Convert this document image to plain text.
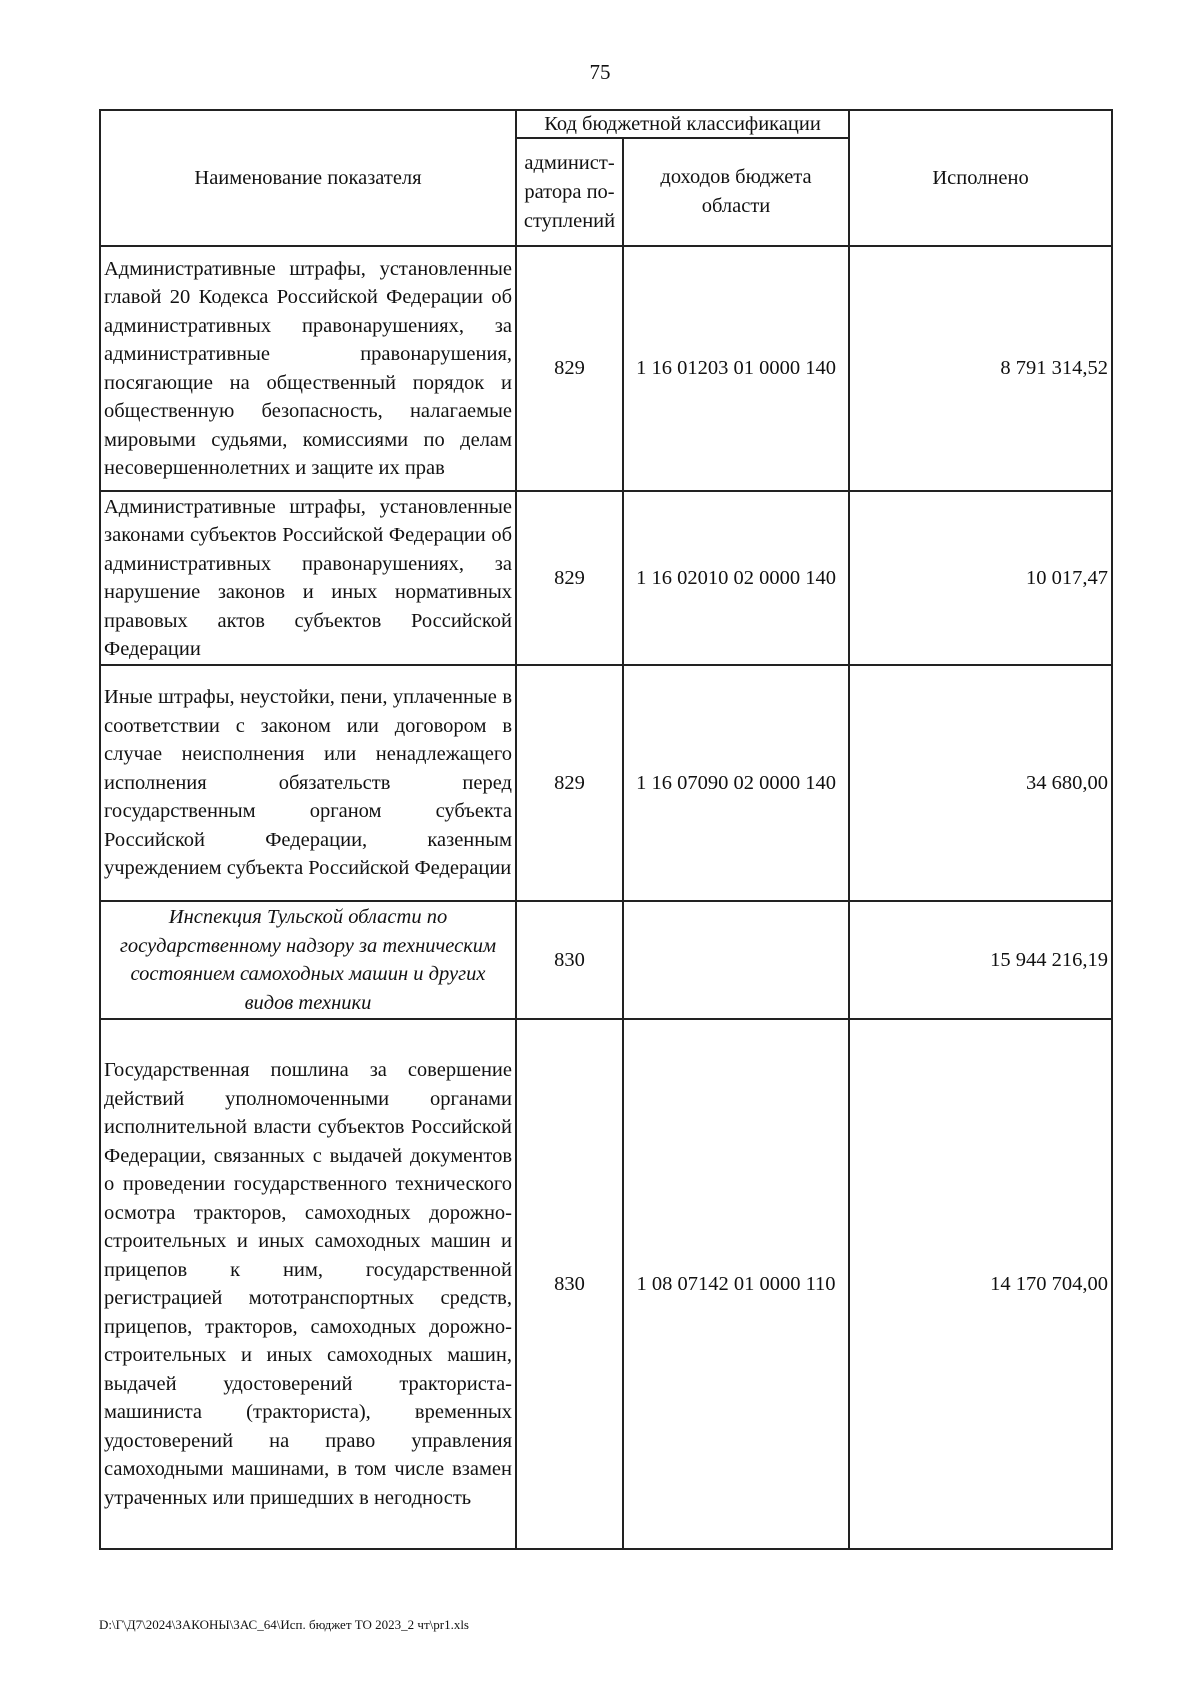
75
Наименование показателя	Код бюджетной классификации		Исполнено
	админист-ратора по-ступлений	доходов бюджета области	
Административные штрафы, установленные главой 20 Кодекса Российской Федерации об административных правонарушениях, за административные правонарушения, посягающие на общественный порядок и общественную безопасность, налагаемые мировыми судьями, комиссиями по делам несовершеннолетних и защите их прав	829	1 16 01203 01 0000 140	8 791 314,52
Административные штрафы, установленные законами субъектов Российской Федерации об административных правонарушениях, за нарушение законов и иных нормативных правовых актов субъектов Российской Федерации	829	1 16 02010 02 0000 140	10 017,47
Иные штрафы, неустойки, пени, уплаченные в соответствии с законом или договором в случае неисполнения или ненадлежащего исполнения обязательств перед государственным органом субъекта Российской Федерации, казенным учреждением субъекта Российской Федерации	829	1 16 07090 02 0000 140	34 680,00
Инспекция Тульской области по государственному надзору за техническим состоянием самоходных машин и других видов техники	830		15 944 216,19
Государственная пошлина за совершение действий уполномоченными органами исполнительной власти субъектов Российской Федерации, связанных с выдачей документов о проведении государственного технического осмотра тракторов, самоходных дорожно-строительных и иных самоходных машин и прицепов к ним, государственной регистрацией мототранспортных средств, прицепов, тракторов, самоходных дорожно-строительных и иных самоходных машин, выдачей удостоверений тракториста-машиниста (тракториста), временных удостоверений на право управления самоходными машинами, в том числе взамен утраченных или пришедших в негодность	830	1 08 07142 01 0000 110	14 170 704,00
D:\Г\Д7\2024\ЗАКОНЫ\ЗАС_64\Исп. бюджет ТО 2023_2 чт\pr1.xls
